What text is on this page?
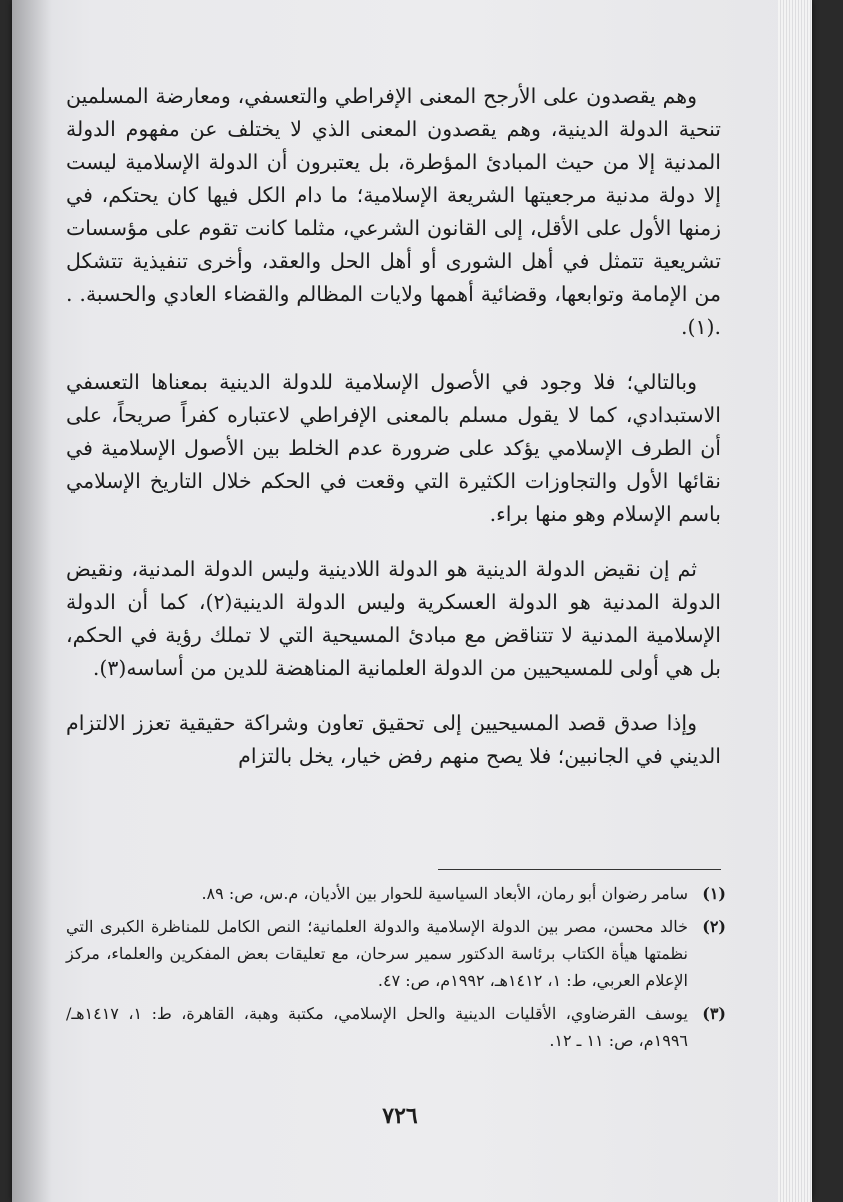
وهم يقصدون على الأرجح المعنى الإفراطي والتعسفي، ومعارضة المسلمين تنحية الدولة الدينية، وهم يقصدون المعنى الذي لا يختلف عن مفهوم الدولة المدنية إلا من حيث المبادئ المؤطرة، بل يعتبرون أن الدولة الإسلامية ليست إلا دولة مدنية مرجعيتها الشريعة الإسلامية؛ ما دام الكل فيها كان يحتكم، في زمنها الأول على الأقل، إلى القانون الشرعي، مثلما كانت تقوم على مؤسسات تشريعية تتمثل في أهل الشورى أو أهل الحل والعقد، وأخرى تنفيذية تتشكل من الإمامة وتوابعها، وقضائية أهمها ولايات المظالم والقضاء العادي والحسبة. . .(١).

وبالتالي؛ فلا وجود في الأصول الإسلامية للدولة الدينية بمعناها التعسفي الاستبدادي، كما لا يقول مسلم بالمعنى الإفراطي لاعتباره كفراً صريحاً، على أن الطرف الإسلامي يؤكد على ضرورة عدم الخلط بين الأصول الإسلامية في نقائها الأول والتجاوزات الكثيرة التي وقعت في الحكم خلال التاريخ الإسلامي باسم الإسلام وهو منها براء.

ثم إن نقيض الدولة الدينية هو الدولة اللادينية وليس الدولة المدنية، ونقيض الدولة المدنية هو الدولة العسكرية وليس الدولة الدينية(٢)، كما أن الدولة الإسلامية المدنية لا تتناقض مع مبادئ المسيحية التي لا تملك رؤية في الحكم، بل هي أولى للمسيحيين من الدولة العلمانية المناهضة للدين من أساسه(٣).

وإذا صدق قصد المسيحيين إلى تحقيق تعاون وشراكة حقيقية تعزز الالتزام الديني في الجانبين؛ فلا يصح منهم رفض خيار، يخل بالتزام

(١)
سامر رضوان أبو رمان، الأبعاد السياسية للحوار بين الأديان، م.س، ص: ٨٩.
(٢)
خالد محسن، مصر بين الدولة الإسلامية والدولة العلمانية؛ النص الكامل للمناظرة الكبرى التي نظمتها هيأة الكتاب برئاسة الدكتور سمير سرحان، مع تعليقات بعض المفكرين والعلماء، مركز الإعلام العربي، ط: ١، ١٤١٢هـ، ١٩٩٢م، ص: ٤٧.
(٣)
يوسف القرضاوي، الأقليات الدينية والحل الإسلامي، مكتبة وهبة، القاهرة، ط: ١، ١٤١٧هـ/١٩٩٦م، ص: ١١ ـ ١٢.
٧٢٦
